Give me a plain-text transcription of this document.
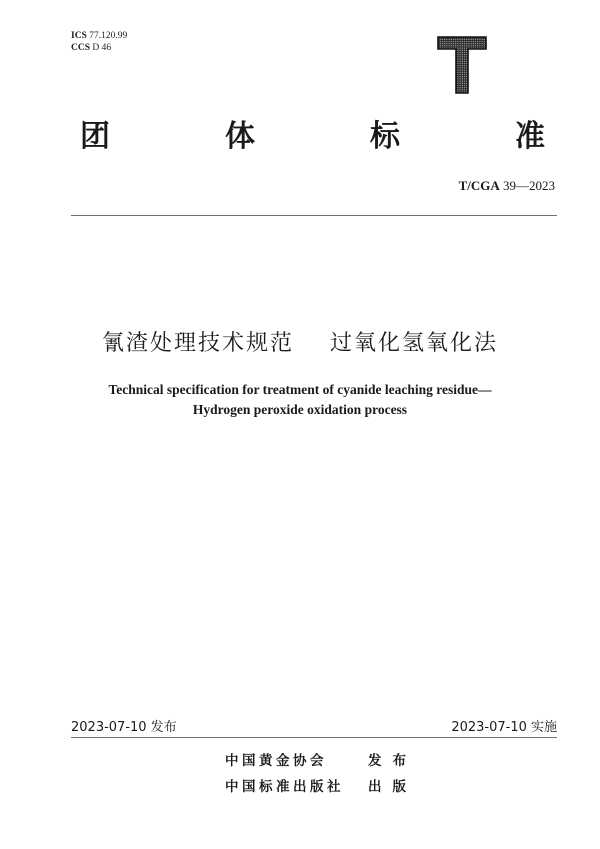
ICS 77.120.99
CCS D 46
团	体	标	准
T/CGA 39—2023
氰渣处理技术规范    过氧化氢氧化法
Technical specification for treatment of cyanide leaching residue—
Hydrogen peroxide oxidation process
2023-07-10 发布	2023-07-10 实施
中国黄金协会	发布
中国标准出版社 出版
